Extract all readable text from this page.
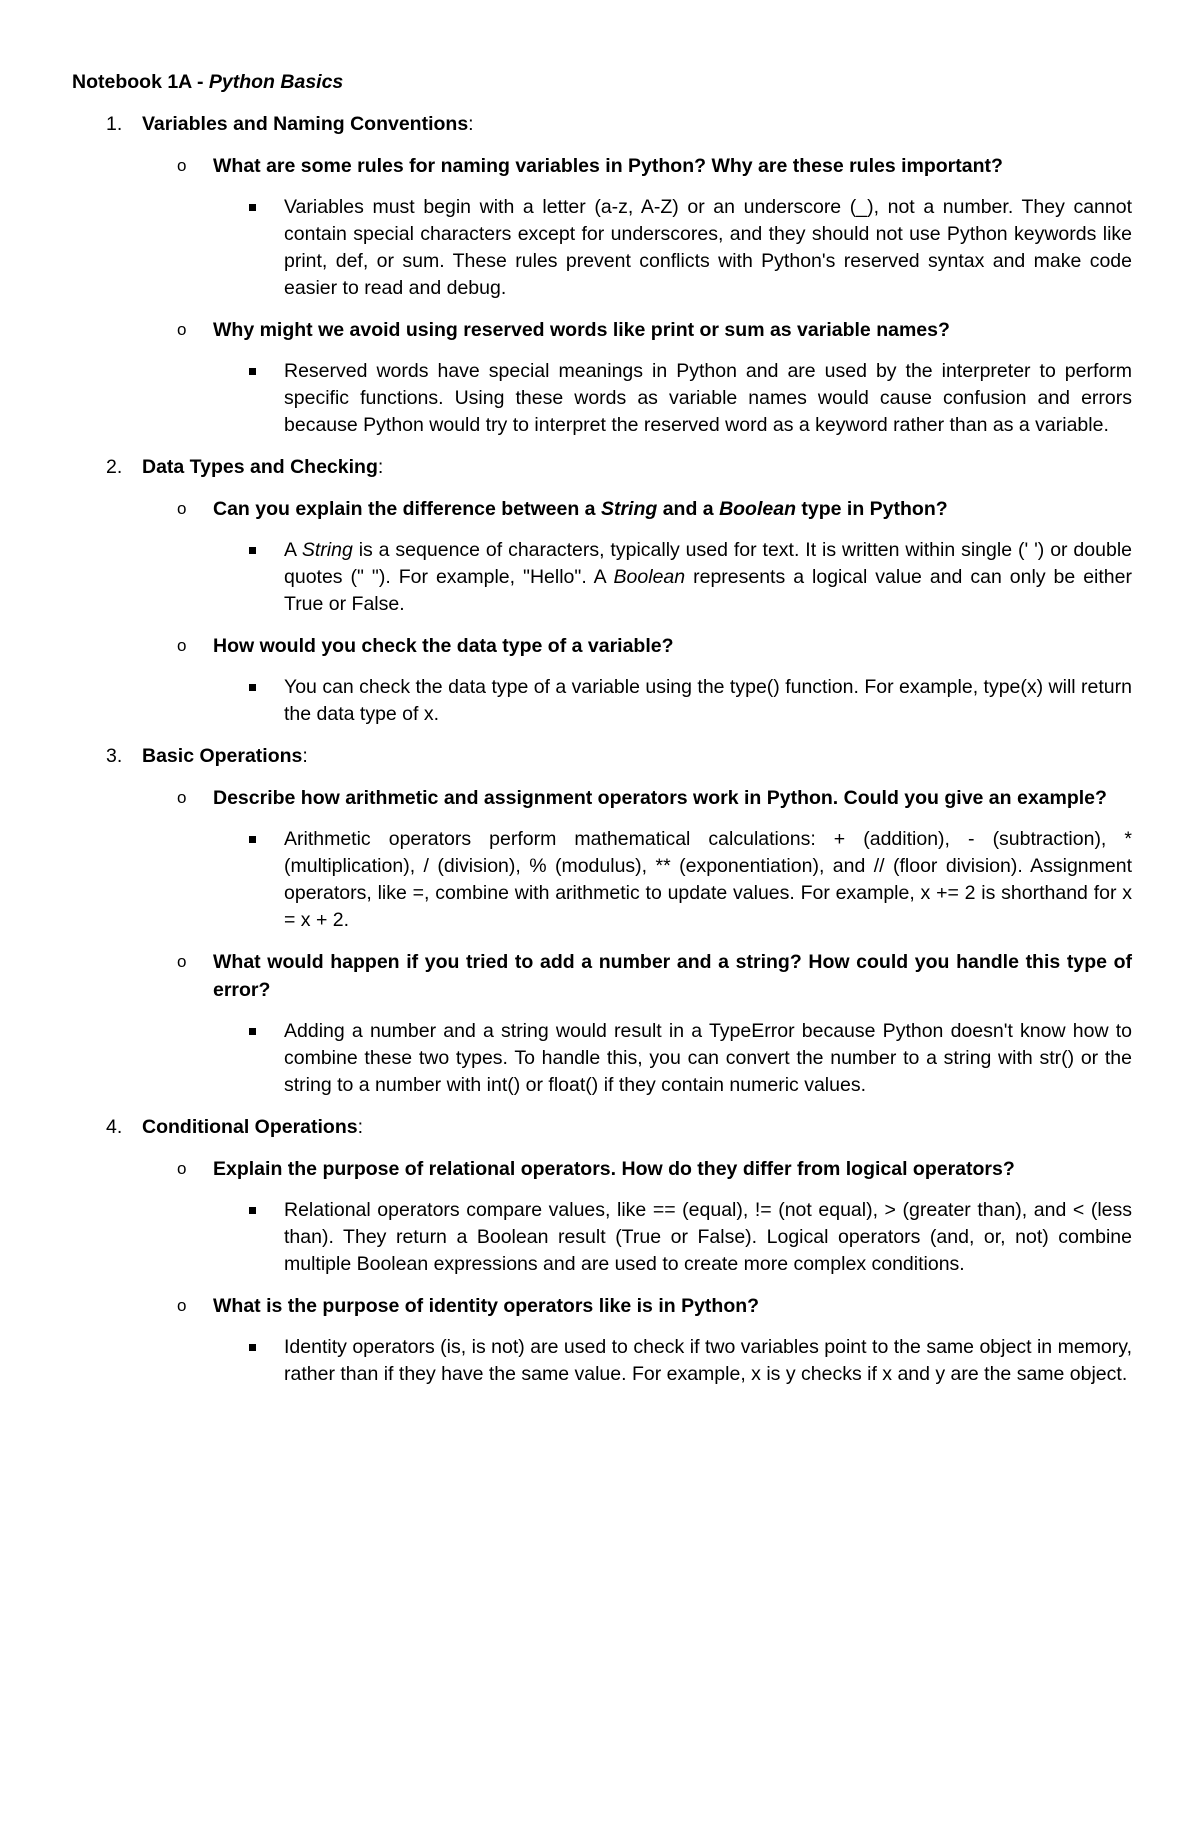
Notebook 1A - Python Basics
1. Variables and Naming Conventions:
o What are some rules for naming variables in Python? Why are these rules important?
Variables must begin with a letter (a-z, A-Z) or an underscore (_), not a number. They cannot contain special characters except for underscores, and they should not use Python keywords like print, def, or sum. These rules prevent conflicts with Python's reserved syntax and make code easier to read and debug.
o Why might we avoid using reserved words like print or sum as variable names?
Reserved words have special meanings in Python and are used by the interpreter to perform specific functions. Using these words as variable names would cause confusion and errors because Python would try to interpret the reserved word as a keyword rather than as a variable.
2. Data Types and Checking:
o Can you explain the difference between a String and a Boolean type in Python?
A String is a sequence of characters, typically used for text. It is written within single (' ') or double quotes (" "). For example, "Hello". A Boolean represents a logical value and can only be either True or False.
o How would you check the data type of a variable?
You can check the data type of a variable using the type() function. For example, type(x) will return the data type of x.
3. Basic Operations:
o Describe how arithmetic and assignment operators work in Python. Could you give an example?
Arithmetic operators perform mathematical calculations: + (addition), - (subtraction), * (multiplication), / (division), % (modulus), ** (exponentiation), and // (floor division). Assignment operators, like =, combine with arithmetic to update values. For example, x += 2 is shorthand for x = x + 2.
o What would happen if you tried to add a number and a string? How could you handle this type of error?
Adding a number and a string would result in a TypeError because Python doesn't know how to combine these two types. To handle this, you can convert the number to a string with str() or the string to a number with int() or float() if they contain numeric values.
4. Conditional Operations:
o Explain the purpose of relational operators. How do they differ from logical operators?
Relational operators compare values, like == (equal), != (not equal), > (greater than), and < (less than). They return a Boolean result (True or False). Logical operators (and, or, not) combine multiple Boolean expressions and are used to create more complex conditions.
o What is the purpose of identity operators like is in Python?
Identity operators (is, is not) are used to check if two variables point to the same object in memory, rather than if they have the same value. For example, x is y checks if x and y are the same object.
